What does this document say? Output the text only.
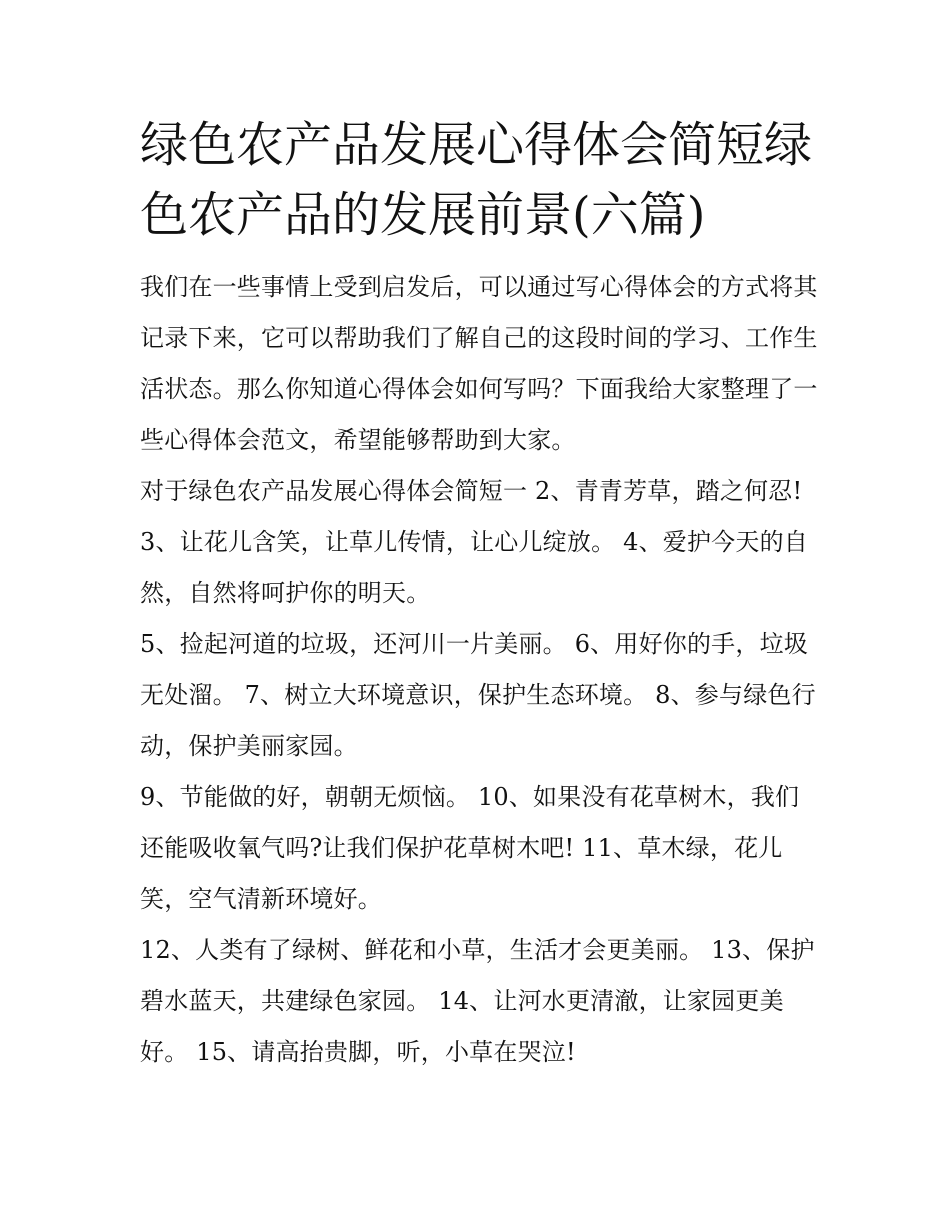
绿色农产品发展心得体会简短绿色农产品的发展前景(六篇)

我们在一些事情上受到启发后，可以通过写心得体会的方式将其记录下来，它可以帮助我们了解自己的这段时间的学习、工作生活状态。那么你知道心得体会如何写吗？下面我给大家整理了一些心得体会范文，希望能够帮助到大家。

对于绿色农产品发展心得体会简短一 2、青青芳草，踏之何忍! 3、让花儿含笑，让草儿传情，让心儿绽放。 4、爱护今天的自然，自然将呵护你的明天。

5、捡起河道的垃圾，还河川一片美丽。 6、用好你的手，垃圾无处溜。 7、树立大环境意识，保护生态环境。 8、参与绿色行动，保护美丽家园。

9、节能做的好，朝朝无烦恼。 10、如果没有花草树木，我们还能吸收氧气吗?让我们保护花草树木吧! 11、草木绿，花儿笑，空气清新环境好。

12、人类有了绿树、鲜花和小草，生活才会更美丽。 13、保护碧水蓝天，共建绿色家园。 14、让河水更清澈，让家园更美好。 15、请高抬贵脚，听，小草在哭泣!
